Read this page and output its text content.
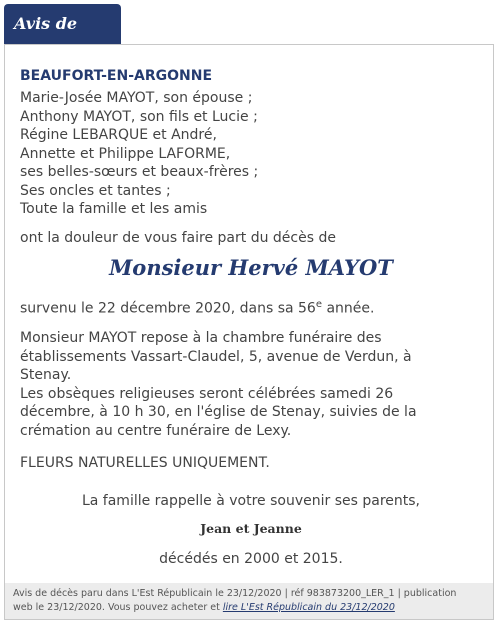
Avis de
BEAUFORT-EN-ARGONNE
Marie-Josée MAYOT, son épouse ;
Anthony MAYOT, son fils et Lucie ;
Régine LEBARQUE et André,
Annette et Philippe LAFORME,
ses belles-sœurs et beaux-frères ;
Ses oncles et tantes ;
Toute la famille et les amis
ont la douleur de vous faire part du décès de
Monsieur Hervé MAYOT
survenu le 22 décembre 2020, dans sa 56e année.
Monsieur MAYOT repose à la chambre funéraire des
établissements Vassart-Claudel, 5, avenue de Verdun, à
Stenay.
Les obsèques religieuses seront célébrées samedi 26
décembre, à 10 h 30, en l'église de Stenay, suivies de la
crémation au centre funéraire de Lexy.
FLEURS NATURELLES UNIQUEMENT.
La famille rappelle à votre souvenir ses parents,
Jean et Jeanne
décédés en 2000 et 2015.
Avis de décès paru dans L'Est Républicain le 23/12/2020 | réf 983873200_LER_1 | publication
web le 23/12/2020. Vous pouvez acheter et lire L'Est Républicain du 23/12/2020
